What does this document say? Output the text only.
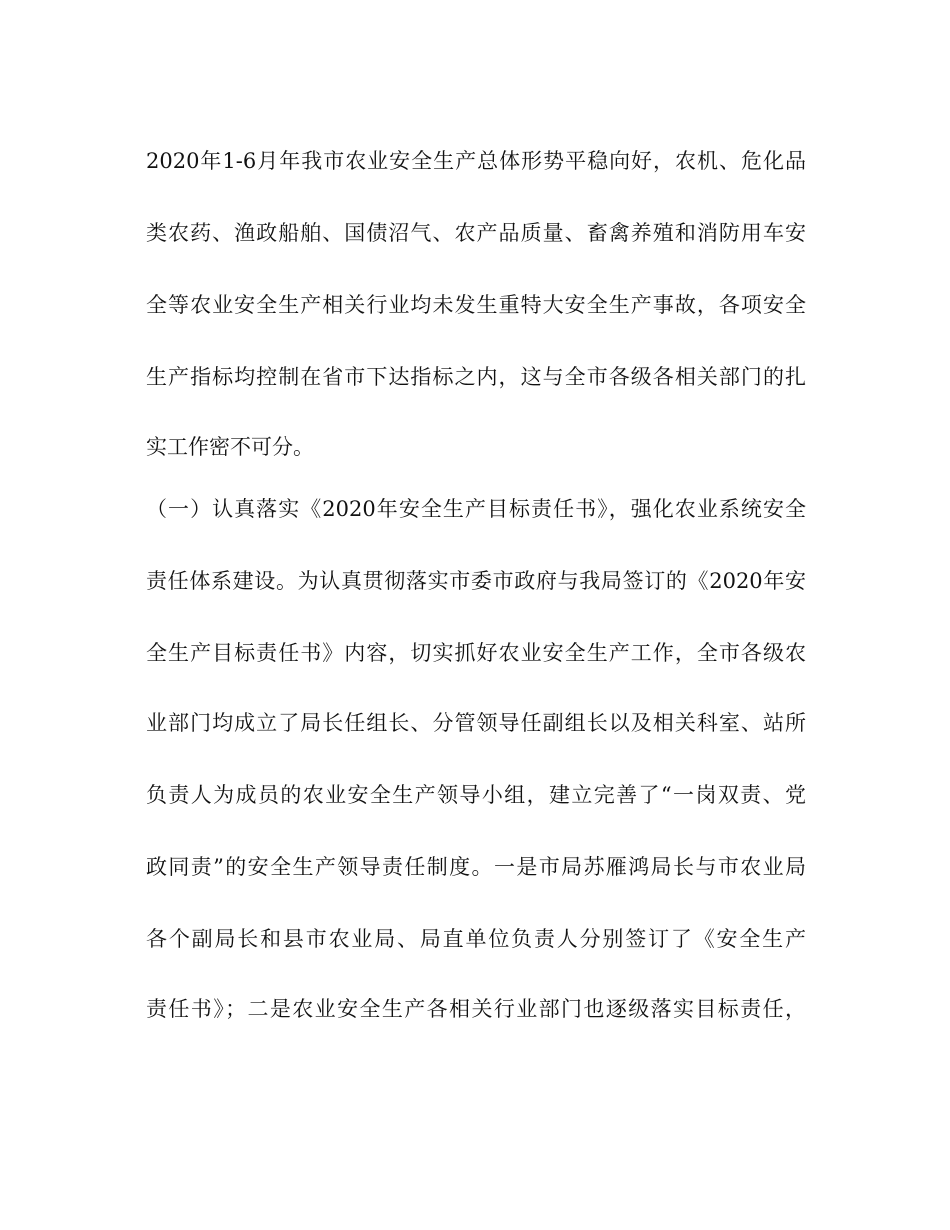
2020年1-6月年我市农业安全生产总体形势平稳向好，农机、危化品

类农药、渔政船舶、国债沼气、农产品质量、畜禽养殖和消防用车安

全等农业安全生产相关行业均未发生重特大安全生产事故，各项安全

生产指标均控制在省市下达指标之内，这与全市各级各相关部门的扎

实工作密不可分。

（一）认真落实《2020年安全生产目标责任书》，强化农业系统安全

责任体系建设。为认真贯彻落实市委市政府与我局签订的《2020年安

全生产目标责任书》内容，切实抓好农业安全生产工作，全市各级农

业部门均成立了局长任组长、分管领导任副组长以及相关科室、站所

负责人为成员的农业安全生产领导小组，建立完善了“一岗双责、党

政同责”的安全生产领导责任制度。一是市局苏雁鸿局长与市农业局

各个副局长和县市农业局、局直单位负责人分别签订了《安全生产

责任书》；二是农业安全生产各相关行业部门也逐级落实目标责任，
